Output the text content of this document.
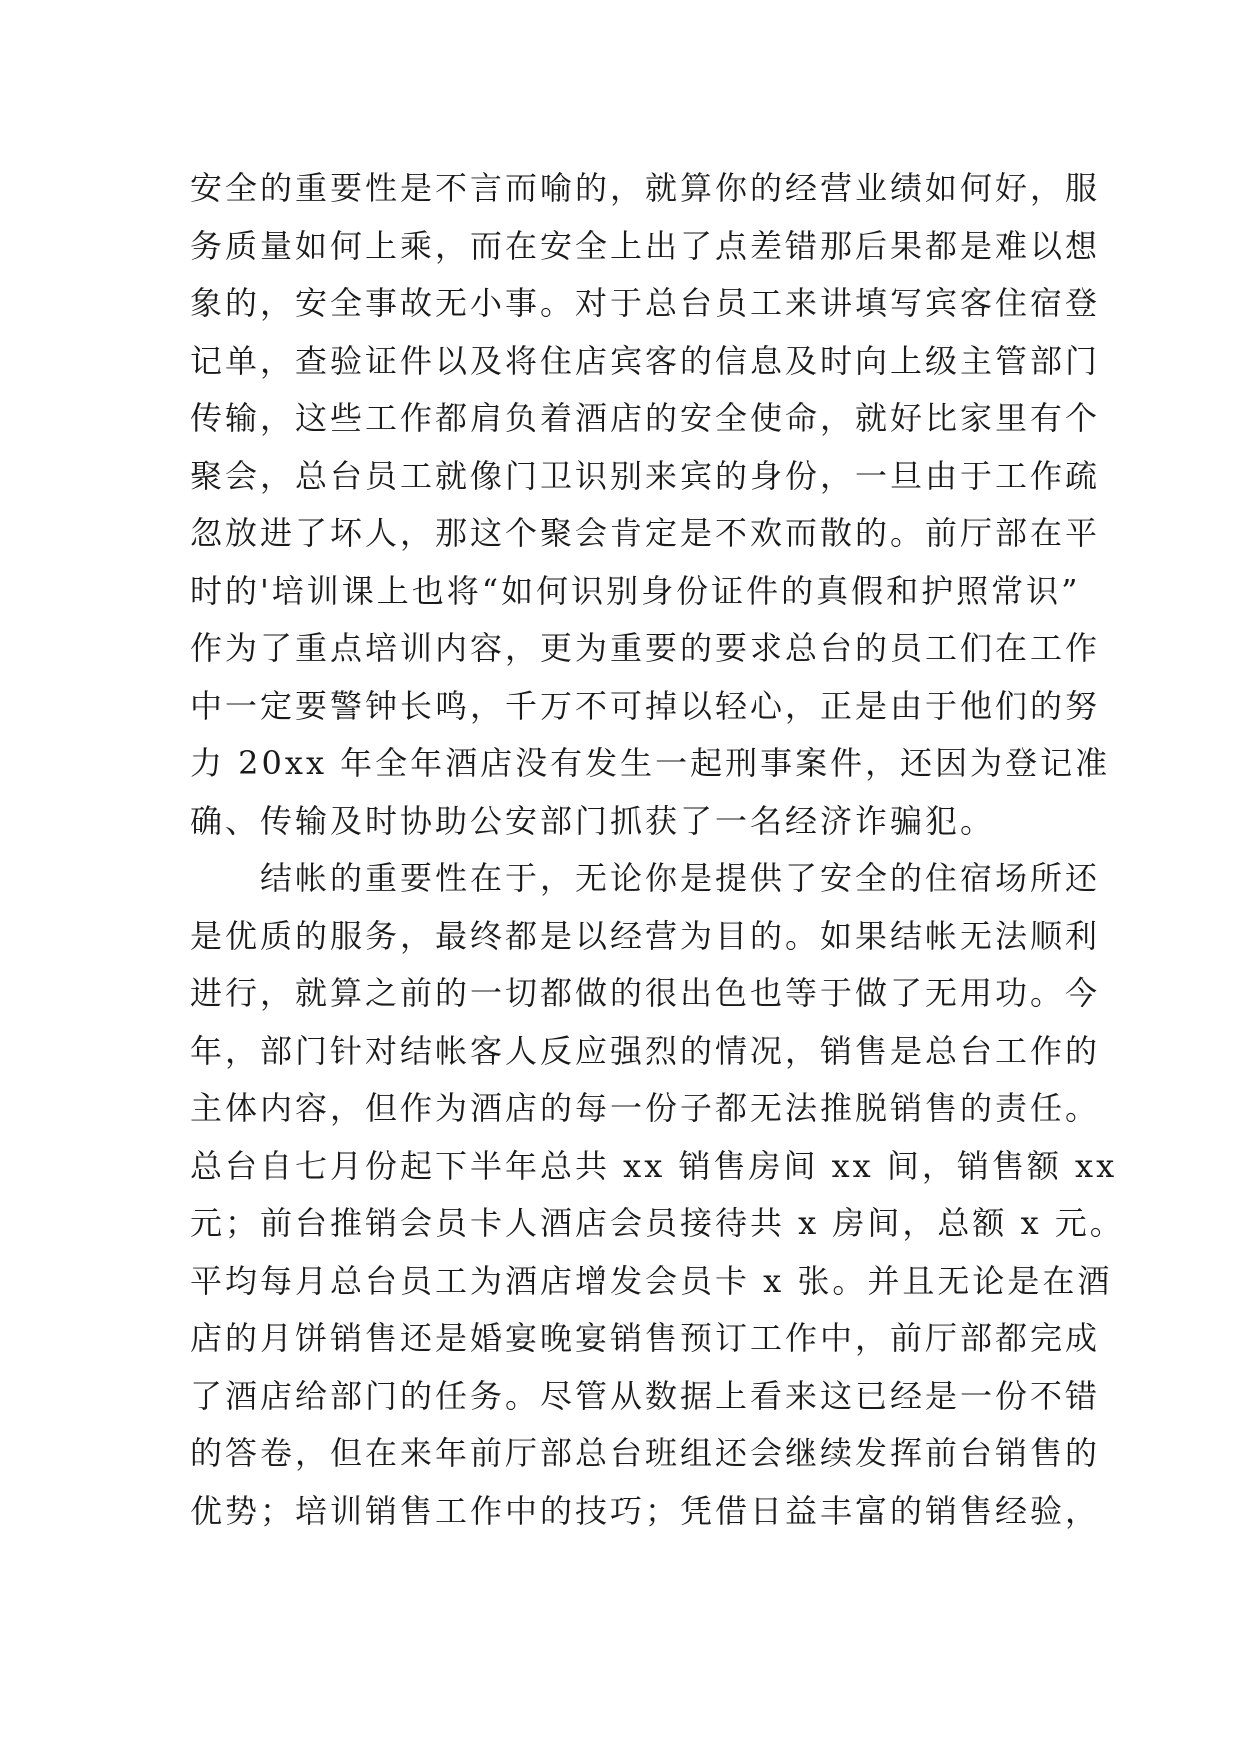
安全的重要性是不言而喻的，就算你的经营业绩如何好，服
务质量如何上乘，而在安全上出了点差错那后果都是难以想
象的，安全事故无小事。对于总台员工来讲填写宾客住宿登
记单，查验证件以及将住店宾客的信息及时向上级主管部门
传输，这些工作都肩负着酒店的安全使命，就好比家里有个
聚会，总台员工就像门卫识别来宾的身份，一旦由于工作疏
忽放进了坏人，那这个聚会肯定是不欢而散的。前厅部在平
时的'培训课上也将“如何识别身份证件的真假和护照常识”
作为了重点培训内容，更为重要的要求总台的员工们在工作
中一定要警钟长鸣，千万不可掉以轻心，正是由于他们的努
力 20xx 年全年酒店没有发生一起刑事案件，还因为登记准
确、传输及时协助公安部门抓获了一名经济诈骗犯。
结帐的重要性在于，无论你是提供了安全的住宿场所还
是优质的服务，最终都是以经营为目的。如果结帐无法顺利
进行，就算之前的一切都做的很出色也等于做了无用功。今
年，部门针对结帐客人反应强烈的情况，销售是总台工作的
主体内容，但作为酒店的每一份子都无法推脱销售的责任。
总台自七月份起下半年总共 xx 销售房间 xx 间，销售额 xx
元；前台推销会员卡人酒店会员接待共 x 房间，总额 x 元。
平均每月总台员工为酒店增发会员卡 x 张。并且无论是在酒
店的月饼销售还是婚宴晚宴销售预订工作中，前厅部都完成
了酒店给部门的任务。尽管从数据上看来这已经是一份不错
的答卷，但在来年前厅部总台班组还会继续发挥前台销售的
优势；培训销售工作中的技巧；凭借日益丰富的销售经验，
